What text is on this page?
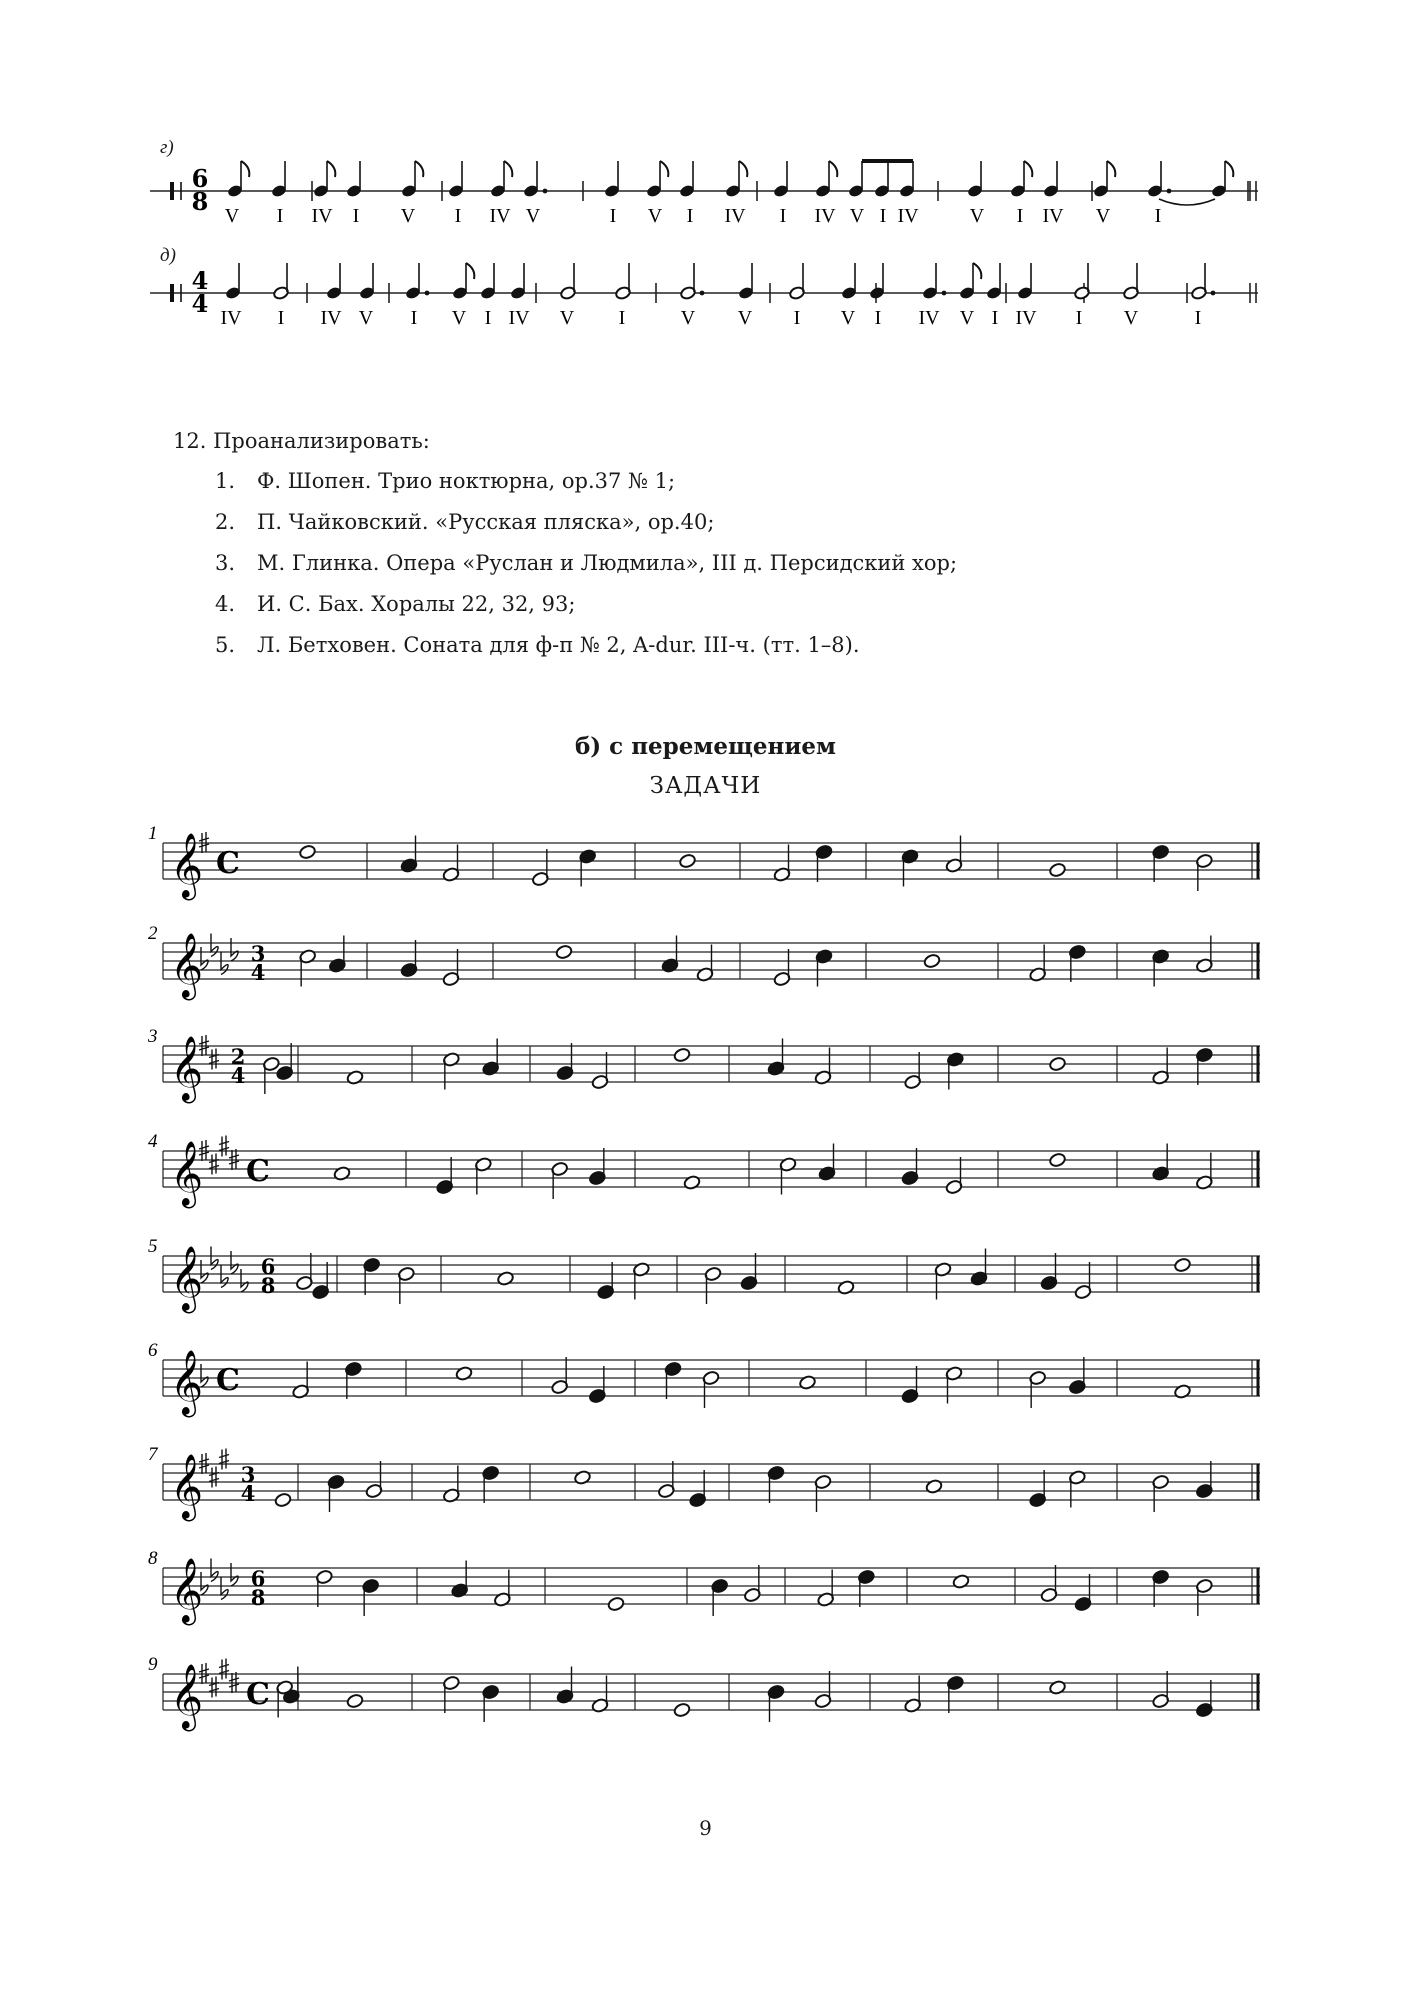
г)
д)
6
8 V I IV I V I IV V	I V I IV I IV V I IV	V I IV V I
4
4 IV I IV V I V I IV V I	V V I V I IV V I IV I V	I
1 𝄞 C
2 𝄞 3
4
3 𝄞 2
4
4 𝄞 C
5 𝄞	6
8
6 𝄞 C
7 𝄞 3
4
8 𝄞 6
8
9 𝄞 C
12. Проанализировать:
1.	Ф. Шопен. Трио ноктюрна, op.37 № 1;
2.	П. Чайковский. «Русская пляска», op.40;
3.	М. Глинка. Опера «Руслан и Людмила», III д. Персидский хор;
4.	И. С. Бах. Хоралы 22, 32, 93;
5.	Л. Бетховен. Соната для ф-п № 2, A-dur. III-ч. (тт. 1–8).
б) с перемещением
ЗАДАЧИ
9
